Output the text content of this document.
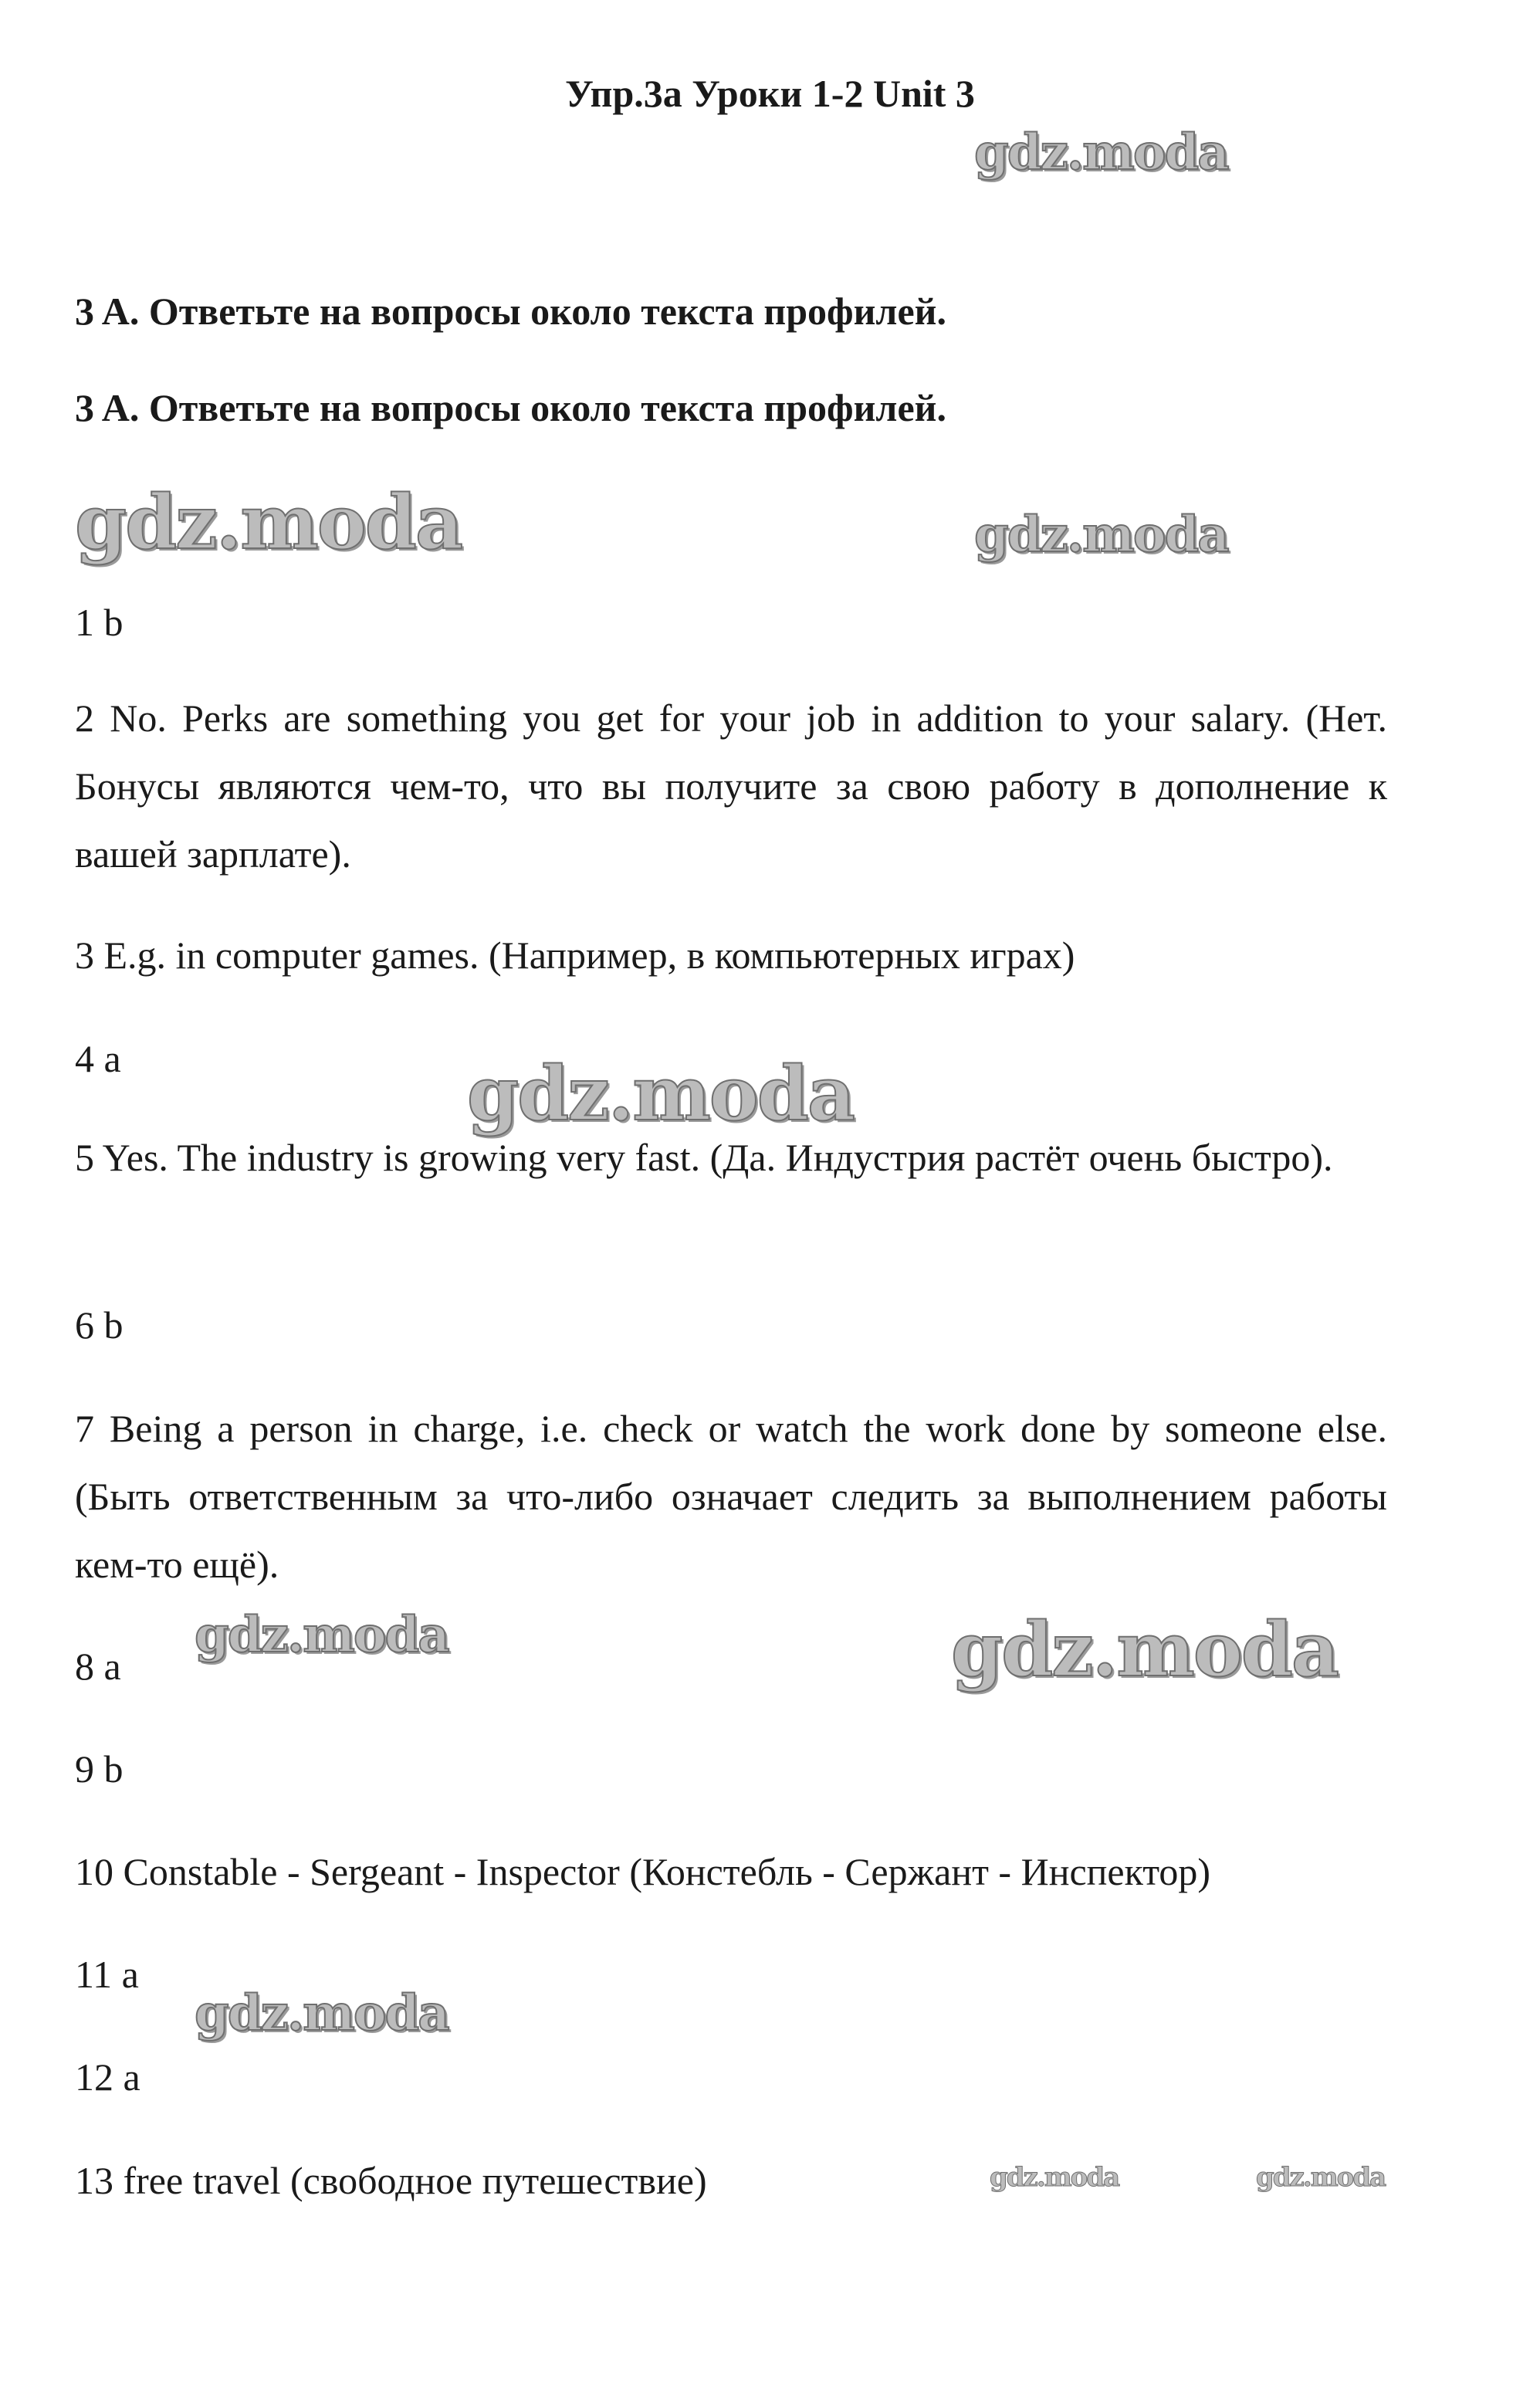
Упр.3a Уроки 1-2 Unit 3

3 A. Ответьте на вопросы около текста профилей.

3 A. Ответьте на вопросы около текста профилей.

1 b

2 No. Perks are something you get for your job in addition to your salary. (Нет. Бонусы являются чем-то, что вы получите за свою работу в дополнение к вашей зарплате).

3 E.g. in computer games. (Например, в компьютерных играх)

4 a

5 Yes. The industry is growing very fast. (Да. Индустрия растёт очень быстро).

6 b

7 Being a person in charge, i.e. check or watch the work done by someone else. (Быть ответственным за что-либо означает следить за выполнением работы кем-то ещё).

8 a

9 b

10 Constable - Sergeant - Inspector (Констебль - Сержант - Инспектор)

11 a

12 a

13 free travel (свободное путешествие)

gdz.moda
gdz.moda	gdz.moda
gdz.moda
gdz.moda	gdz.moda
gdz.moda
gdz.moda	gdz.moda
